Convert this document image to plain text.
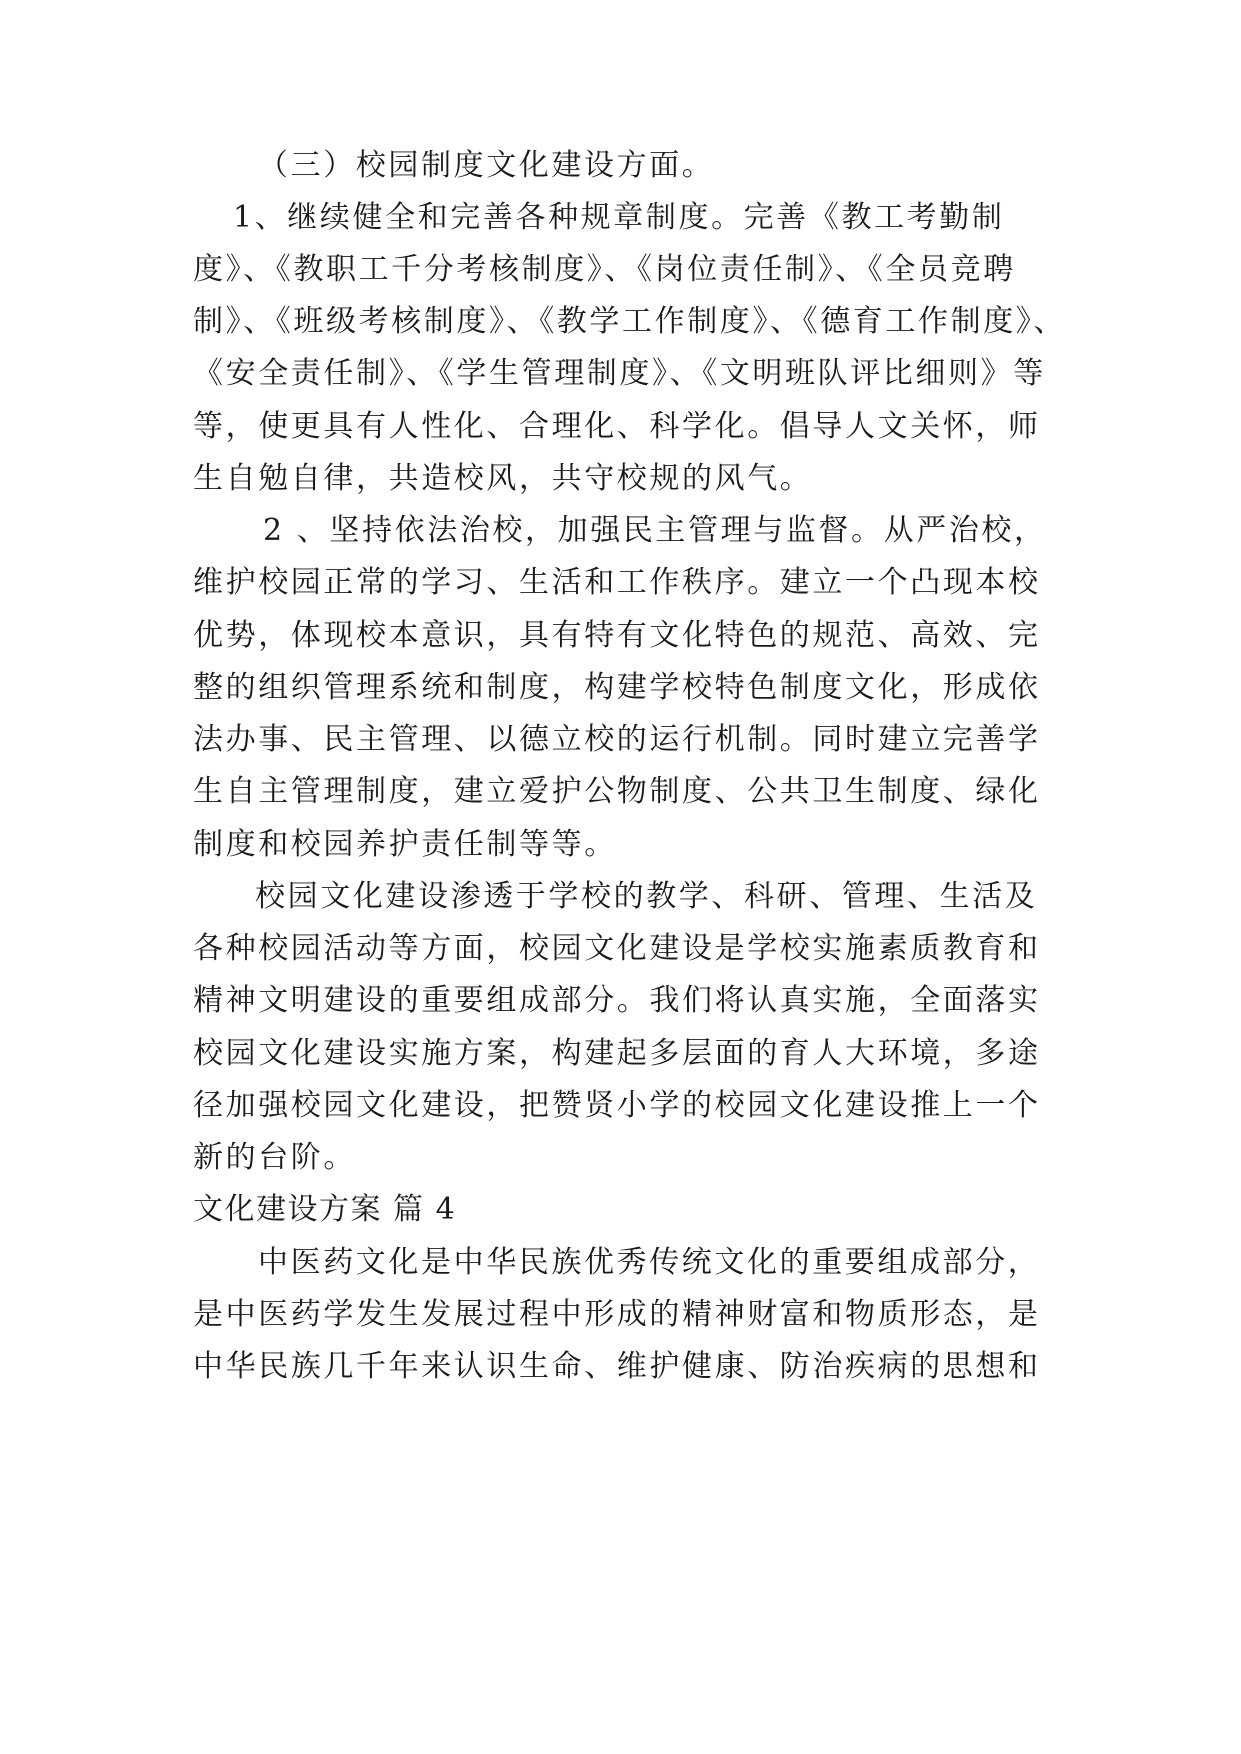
（三）校园制度文化建设方面。
1、继续健全和完善各种规章制度。完善《教工考勤制
度》、《教职工千分考核制度》、《岗位责任制》、《全员竞聘
制》、《班级考核制度》、《教学工作制度》、《德育工作制度》、
《安全责任制》、《学生管理制度》、《文明班队评比细则》等
等，使更具有人性化、合理化、科学化。倡导人文关怀，师
生自勉自律，共造校风，共守校规的风气。
2 、坚持依法治校，加强民主管理与监督。从严治校，
维护校园正常的学习、生活和工作秩序。建立一个凸现本校
优势，体现校本意识，具有特有文化特色的规范、高效、完
整的组织管理系统和制度，构建学校特色制度文化，形成依
法办事、民主管理、以德立校的运行机制。同时建立完善学
生自主管理制度，建立爱护公物制度、公共卫生制度、绿化
制度和校园养护责任制等等。
校园文化建设渗透于学校的教学、科研、管理、生活及
各种校园活动等方面，校园文化建设是学校实施素质教育和
精神文明建设的重要组成部分。我们将认真实施，全面落实
校园文化建设实施方案，构建起多层面的育人大环境，多途
径加强校园文化建设，把赞贤小学的校园文化建设推上一个
新的台阶。
文化建设方案 篇 4
中医药文化是中华民族优秀传统文化的重要组成部分，
是中医药学发生发展过程中形成的精神财富和物质形态，是
中华民族几千年来认识生命、维护健康、防治疾病的思想和
